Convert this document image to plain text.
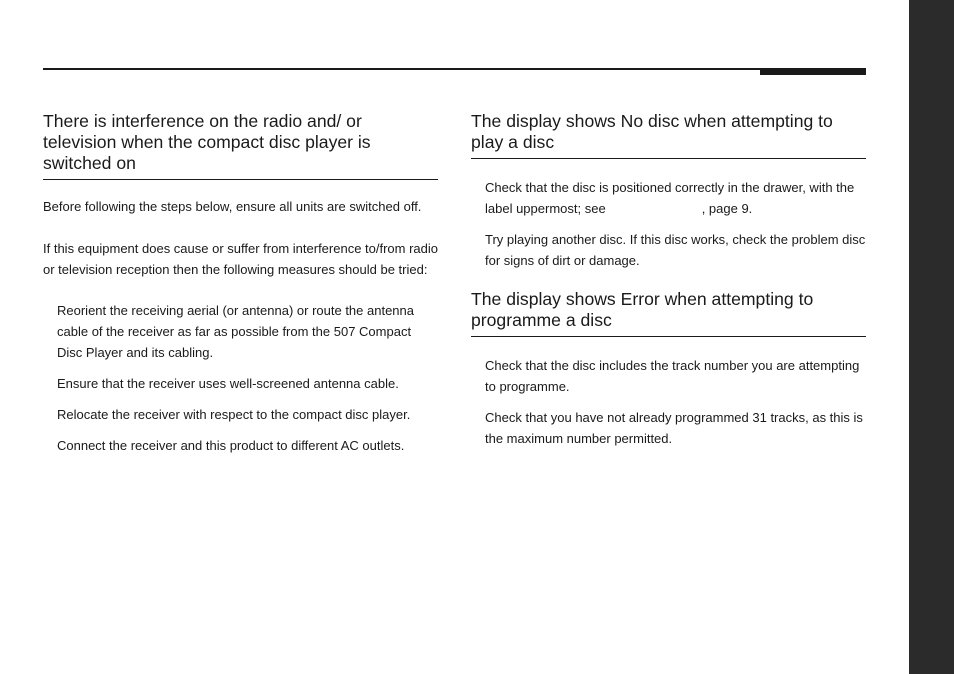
There is interference on the radio and/ or television when the compact disc player is switched on

Before following the steps below, ensure all units are switched off.

If this equipment does cause or suffer from interference to/from radio or television reception then the following measures should be tried:

Reorient the receiving aerial (or antenna) or route the antenna cable of the receiver as far as possible from the 507 Compact Disc Player and its cabling.

Ensure that the receiver uses well-screened antenna cable.

Relocate the receiver with respect to the compact disc player.

Connect the receiver and this product to different AC outlets.

The display shows No disc when attempting to play a disc

Check that the disc is positioned correctly in the drawer, with the label uppermost; see	, page 9.

Try playing another disc. If this disc works, check the problem disc for signs of dirt or damage.

The display shows Error when attempting to programme a disc

Check that the disc includes the track number you are attempting to programme.

Check that you have not already programmed 31 tracks, as this is the maximum number permitted.
